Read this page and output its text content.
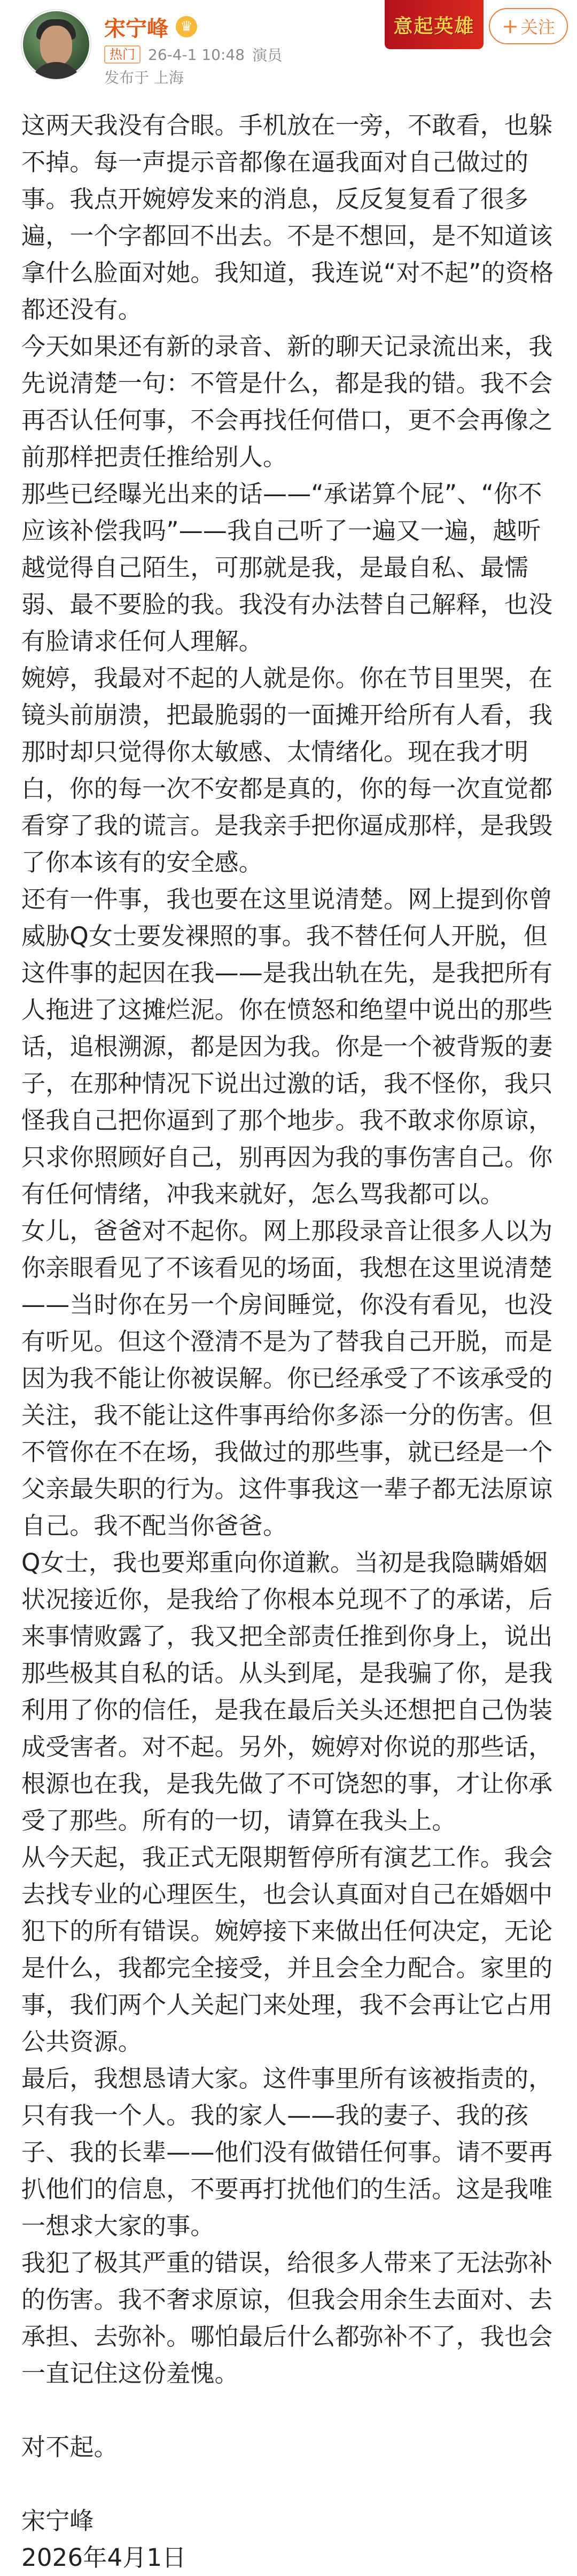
宋宁峰 ♛
热门 26-4-1 10:48 演员
发布于 上海
意起英雄 + 关注

这两天我没有合眼。手机放在一旁，不敢看，也躲不掉。每一声提示音都像在逼我面对自己做过的事。我点开婉婷发来的消息，反反复复看了很多遍，一个字都回不出去。不是不想回，是不知道该拿什么脸面对她。我知道，我连说“对不起”的资格都还没有。

今天如果还有新的录音、新的聊天记录流出来，我先说清楚一句：不管是什么，都是我的错。我不会再否认任何事，不会再找任何借口，更不会再像之前那样把责任推给别人。

那些已经曝光出来的话——“承诺算个屁”、“你不应该补偿我吗”——我自己听了一遍又一遍，越听越觉得自己陌生，可那就是我，是最自私、最懦弱、最不要脸的我。我没有办法替自己解释，也没有脸请求任何人理解。

婉婷，我最对不起的人就是你。你在节目里哭，在镜头前崩溃，把最脆弱的一面摊开给所有人看，我那时却只觉得你太敏感、太情绪化。现在我才明白，你的每一次不安都是真的，你的每一次直觉都看穿了我的谎言。是我亲手把你逼成那样，是我毁了你本该有的安全感。

还有一件事，我也要在这里说清楚。网上提到你曾威胁Q女士要发裸照的事。我不替任何人开脱，但这件事的起因在我——是我出轨在先，是我把所有人拖进了这摊烂泥。你在愤怒和绝望中说出的那些话，追根溯源，都是因为我。你是一个被背叛的妻子，在那种情况下说出过激的话，我不怪你，我只怪我自己把你逼到了那个地步。我不敢求你原谅，只求你照顾好自己，别再因为我的事伤害自己。你有任何情绪，冲我来就好，怎么骂我都可以。

女儿，爸爸对不起你。网上那段录音让很多人以为你亲眼看见了不该看见的场面，我想在这里说清楚——当时你在另一个房间睡觉，你没有看见，也没有听见。但这个澄清不是为了替我自己开脱，而是因为我不能让你被误解。你已经承受了不该承受的关注，我不能让这件事再给你多添一分的伤害。但不管你在不在场，我做过的那些事，就已经是一个父亲最失职的行为。这件事我这一辈子都无法原谅自己。我不配当你爸爸。

Q女士，我也要郑重向你道歉。当初是我隐瞒婚姻状况接近你，是我给了你根本兑现不了的承诺，后来事情败露了，我又把全部责任推到你身上，说出那些极其自私的话。从头到尾，是我骗了你，是我利用了你的信任，是我在最后关头还想把自己伪装成受害者。对不起。另外，婉婷对你说的那些话，根源也在我，是我先做了不可饶恕的事，才让你承受了那些。所有的一切，请算在我头上。

从今天起，我正式无限期暂停所有演艺工作。我会去找专业的心理医生，也会认真面对自己在婚姻中犯下的所有错误。婉婷接下来做出任何决定，无论是什么，我都完全接受，并且会全力配合。家里的事，我们两个人关起门来处理，我不会再让它占用公共资源。

最后，我想恳请大家。这件事里所有该被指责的，只有我一个人。我的家人——我的妻子、我的孩子、我的长辈——他们没有做错任何事。请不要再扒他们的信息，不要再打扰他们的生活。这是我唯一想求大家的事。

我犯了极其严重的错误，给很多人带来了无法弥补的伤害。我不奢求原谅，但我会用余生去面对、去承担、去弥补。哪怕最后什么都弥补不了，我也会一直记住这份羞愧。

对不起。

宋宁峰

2026年4月1日
